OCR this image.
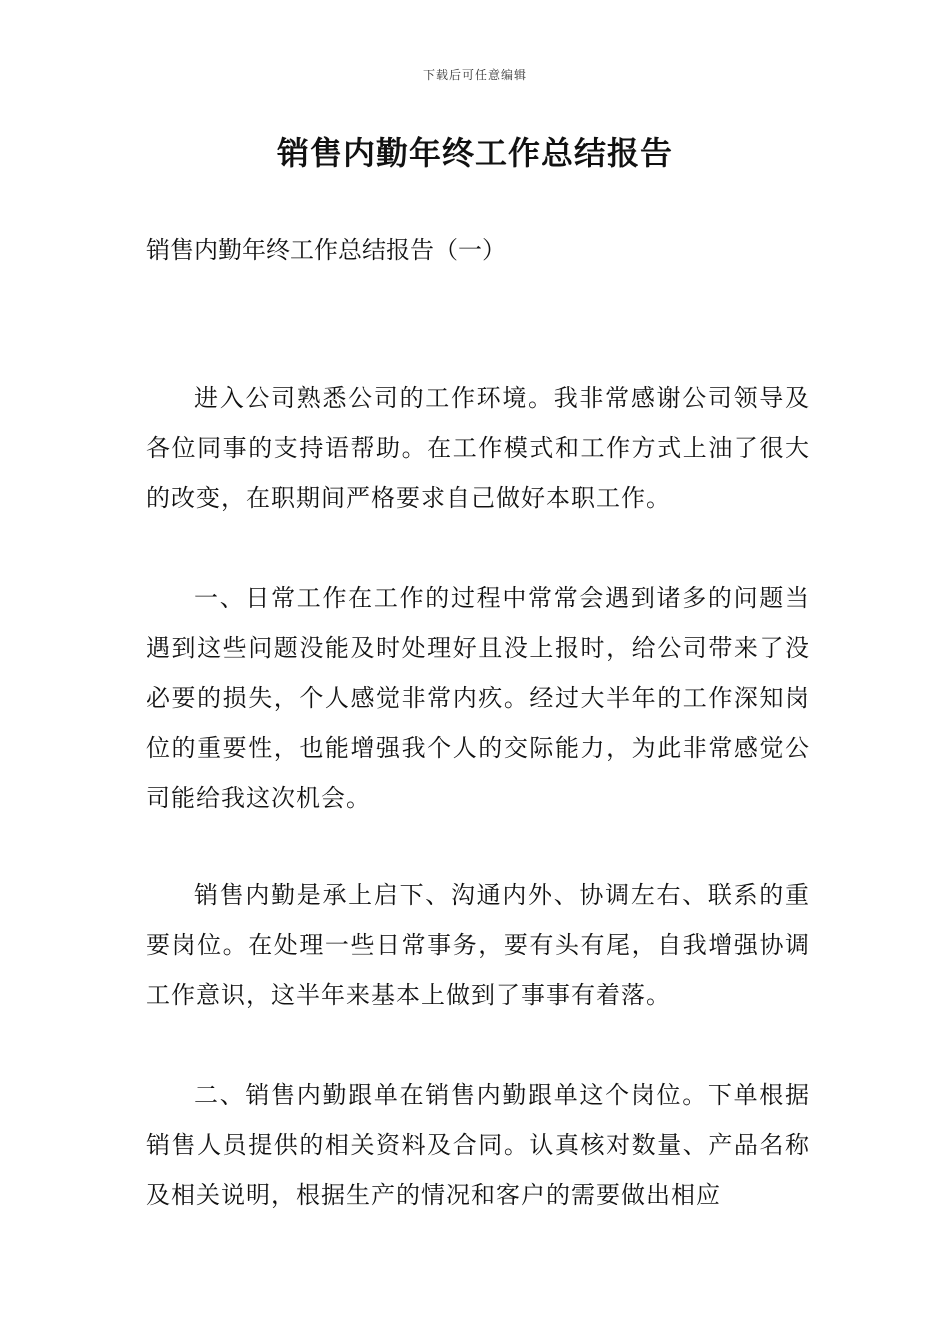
下载后可任意编辑
销售内勤年终工作总结报告

销售内勤年终工作总结报告（一）

进入公司熟悉公司的工作环境。我非常感谢公司领导及各位同事的支持语帮助。在工作模式和工作方式上油了很大的改变，在职期间严格要求自己做好本职工作。

一、日常工作在工作的过程中常常会遇到诸多的问题当遇到这些问题没能及时处理好且没上报时，给公司带来了没必要的损失，个人感觉非常内疚。经过大半年的工作深知岗位的重要性，也能增强我个人的交际能力，为此非常感觉公司能给我这次机会。

销售内勤是承上启下、沟通内外、协调左右、联系的重要岗位。在处理一些日常事务，要有头有尾，自我增强协调工作意识，这半年来基本上做到了事事有着落。

二、销售内勤跟单在销售内勤跟单这个岗位。下单根据销售人员提供的相关资料及合同。认真核对数量、产品名称及相关说明，根据生产的情况和客户的需要做出相应
